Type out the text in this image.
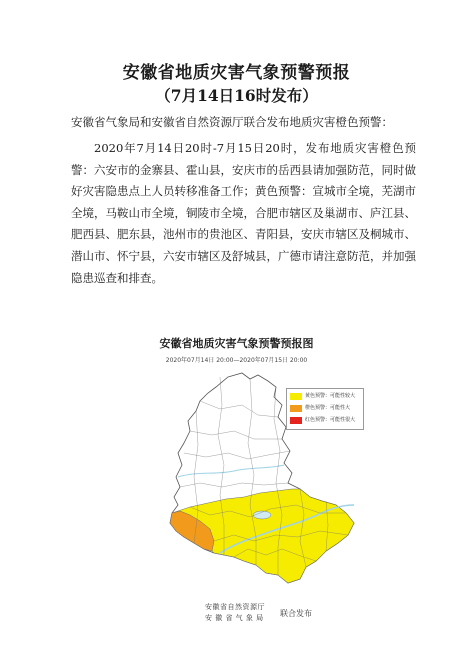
安徽省地质灾害气象预警预报
（7月14日16时发布）
安徽省气象局和安徽省自然资源厅联合发布地质灾害橙色预警：
2020年7月14日20时-7月15日20时，发布地质灾害橙色预警：六安市的金寨县、霍山县，安庆市的岳西县请加强防范，同时做好灾害隐患点上人员转移准备工作；黄色预警：宣城市全境，芜湖市全境，马鞍山市全境，铜陵市全境，合肥市辖区及巢湖市、庐江县、肥西县、肥东县，池州市的贵池区、青阳县，安庆市辖区及桐城市、潜山市、怀宁县，六安市辖区及舒城县，广德市请注意防范，并加强隐患巡查和排查。
安徽省地质灾害气象预警预报图
2020年07月14日 20:00—2020年07月15日 20:00
黄色预警：可能性较大
橙色预警：可能性大
红色预警：可能性很大
安徽省自然资源厅
安 徽 省 气 象 局 联合发布
